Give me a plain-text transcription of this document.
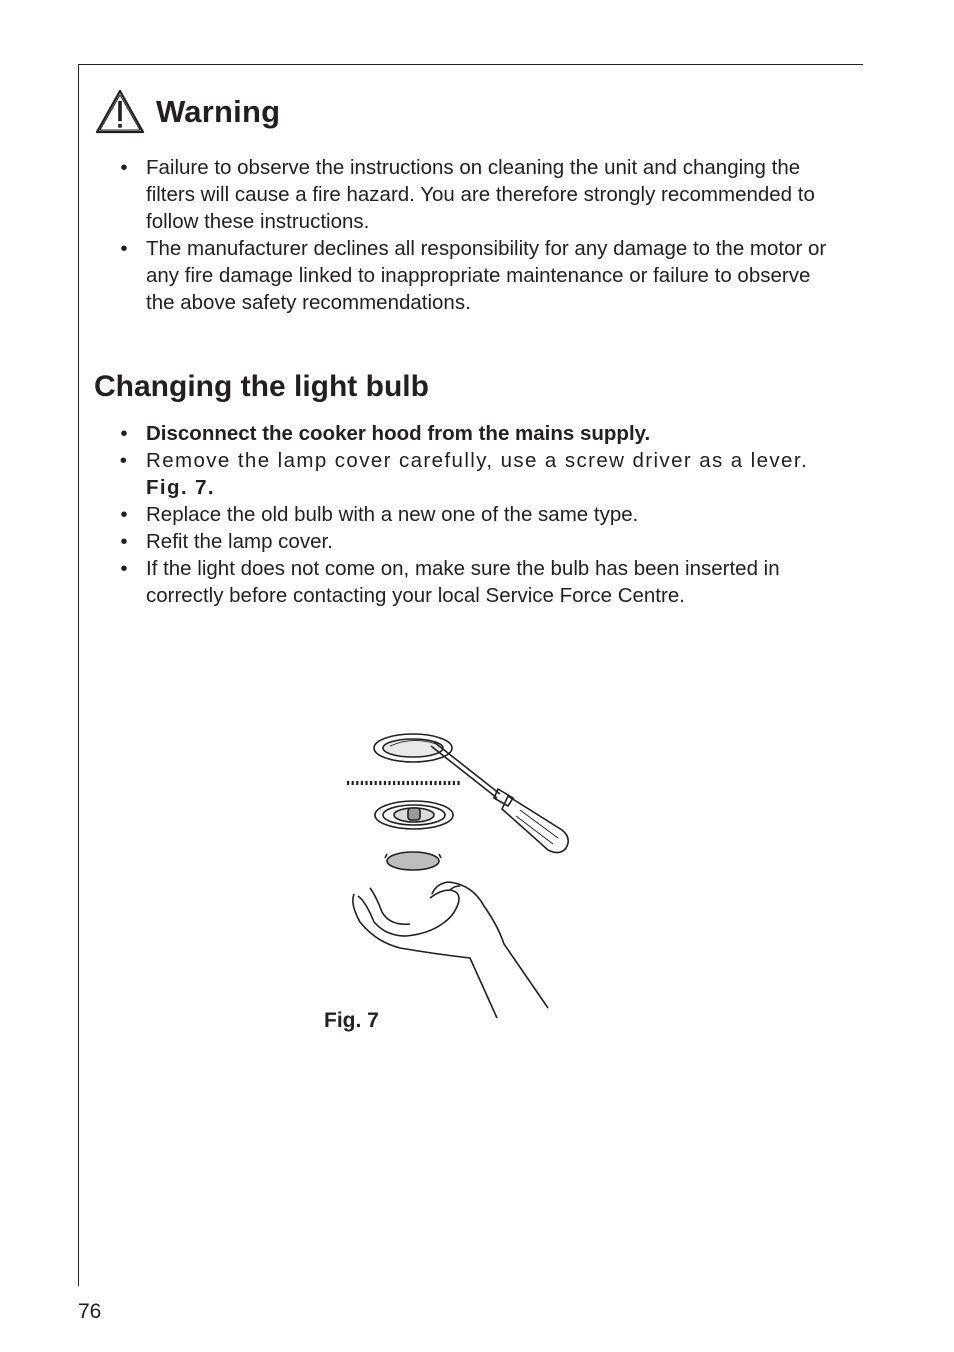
Warning
• Failure to observe the instructions on cleaning the unit and changing the filters will cause a fire hazard. You are therefore strongly recommended to follow these instructions.
• The manufacturer declines all responsibility for any damage to the motor or any fire damage linked to inappropriate maintenance or failure to observe the above safety recommendations.
Changing the light bulb
• Disconnect the cooker hood from the mains supply.
• Remove the lamp cover carefully, use a screw driver as a lever. Fig. 7.
• Replace the old bulb with a new one of the same type.
• Refit the lamp cover.
• If the light does not come on, make sure the bulb has been inserted in correctly before contacting your local Service Force Centre.
Fig. 7
76
